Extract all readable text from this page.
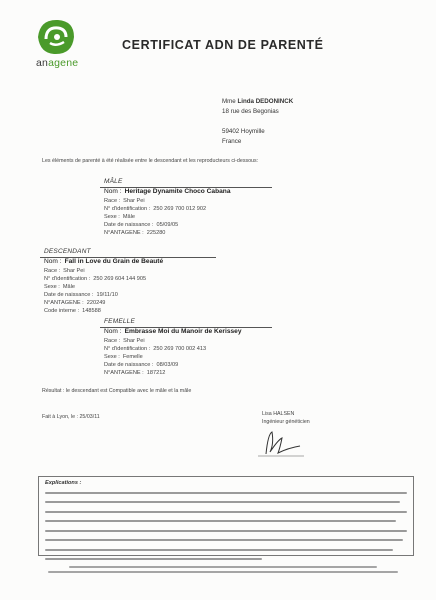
anagene
CERTIFICAT ADN DE PARENTÉ
Mme Linda DEDONINCK
18 rue des Begonias
59402 Hoymille
France
Les éléments de parenté à été réalisée entre le descendant et les reproducteurs ci-dessous:
MÂLE
Nom : Heritage Dynamite Choco Cabana
Race : Shar Pei
N° d'identification : 250 269 700 012 902
Sexe : Mâle
Date de naissance : 05/09/05
N°ANTAGENE : 225280
DESCENDANT
Nom : Fall in Love du Grain de Beauté
Race : Shar Pei
N° d'identification : 250 269 604 144 905
Sexe : Mâle
Date de naissance : 19/11/10
N°ANTAGENE : 220249
Code interne : 148588
FEMELLE
Nom : Embrasse Moi du Manoir de Kerissey
Race : Shar Pei
N° d'identification : 250 269 700 002 413
Sexe : Femelle
Date de naissance : 08/03/09
N°ANTAGENE : 187212
Résultat : le descendant est Compatible avec le mâle et la mâle
Fait à Lyon, le : 25/03/11	Lisa HALSEN
Ingénieur généticien
Explications :
